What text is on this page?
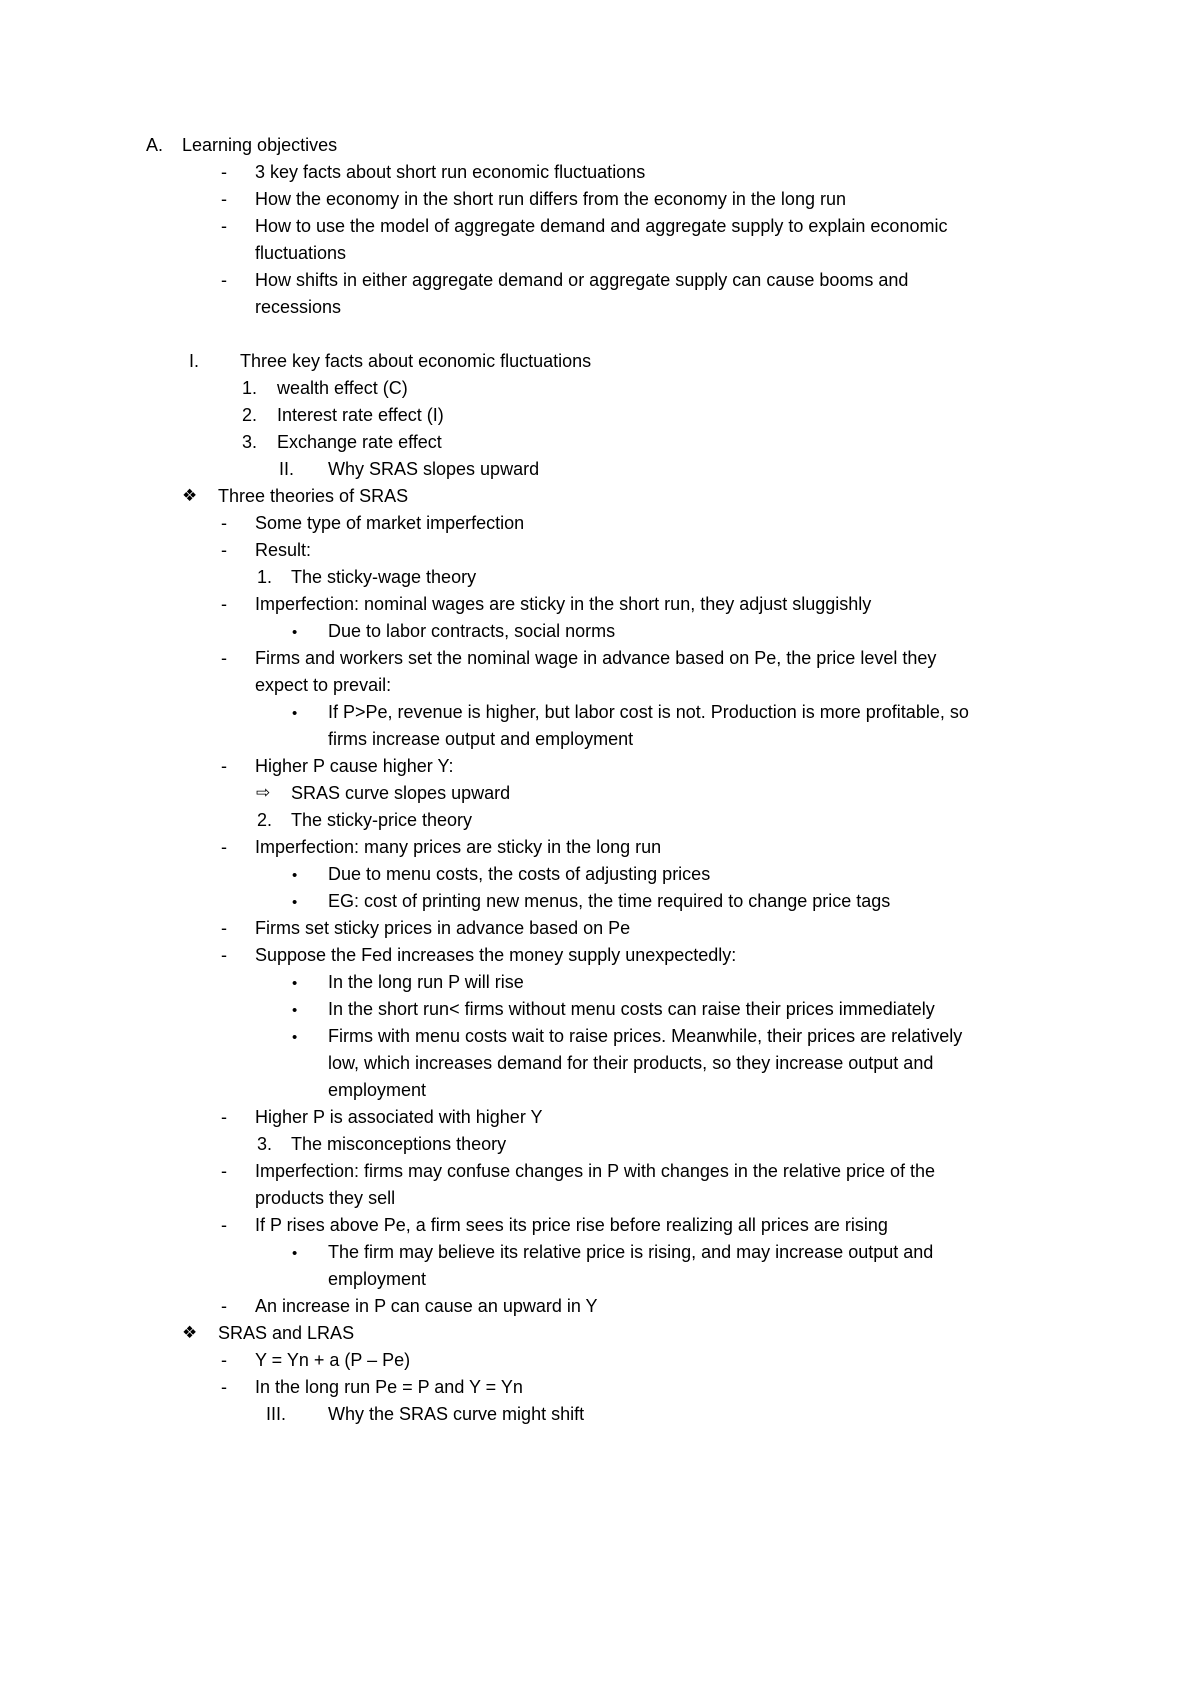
A. Learning objectives
- 3 key facts about short run economic fluctuations
- How the economy in the short run differs from the economy in the long run
- How to use the model of aggregate demand and aggregate supply to explain economic
fluctuations
- How shifts in either aggregate demand or aggregate supply can cause booms and
recessions
I. Three key facts about economic fluctuations
1. wealth effect (C)
2. Interest rate effect (I)
3. Exchange rate effect
II. Why SRAS slopes upward
❖ Three theories of SRAS
- Some type of market imperfection
- Result:
1. The sticky-wage theory
- Imperfection: nominal wages are sticky in the short run, they adjust sluggishly
• Due to labor contracts, social norms
- Firms and workers set the nominal wage in advance based on Pe, the price level they
expect to prevail:
• If P>Pe, revenue is higher, but labor cost is not. Production is more profitable, so
firms increase output and employment
- Higher P cause higher Y:
⇨ SRAS curve slopes upward
2. The sticky-price theory
- Imperfection: many prices are sticky in the long run
• Due to menu costs, the costs of adjusting prices
• EG: cost of printing new menus, the time required to change price tags
- Firms set sticky prices in advance based on Pe
- Suppose the Fed increases the money supply unexpectedly:
• In the long run P will rise
• In the short run< firms without menu costs can raise their prices immediately
• Firms with menu costs wait to raise prices. Meanwhile, their prices are relatively
low, which increases demand for their products, so they increase output and
employment
- Higher P is associated with higher Y
3. The misconceptions theory
- Imperfection: firms may confuse changes in P with changes in the relative price of the
products they sell
- If P rises above Pe, a firm sees its price rise before realizing all prices are rising
• The firm may believe its relative price is rising, and may increase output and
employment
- An increase in P can cause an upward in Y
❖ SRAS and LRAS
- Y = Yn + a (P – Pe)
- In the long run Pe = P and Y = Yn
III. Why the SRAS curve might shift
